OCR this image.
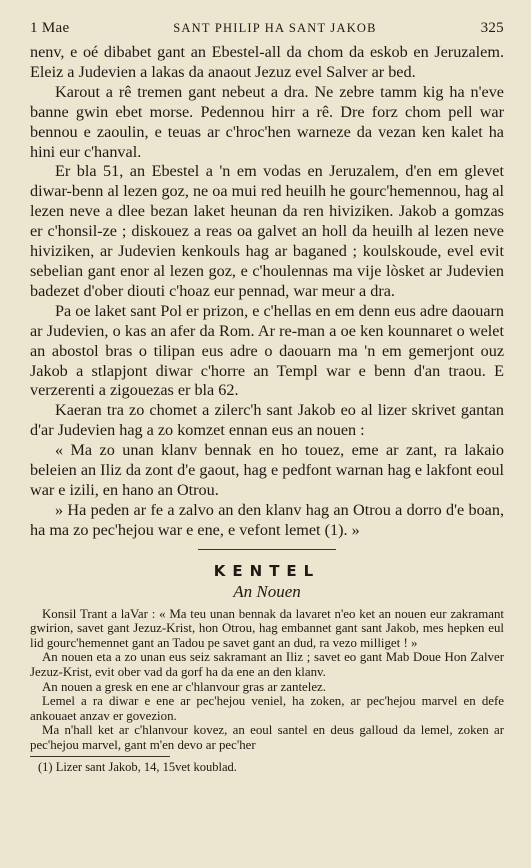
1 Mae	SANT PHILIP HA SANT JAKOB	325

nenv, e oé dibabet gant an Ebestel-all da chom da eskob en Jeruzalem. Eleiz a Judevien a lakas da anaout Jezuz evel Salver ar bed.

Karout a rê tremen gant nebeut a dra. Ne zebre tamm kig ha n'eve banne gwin ebet morse. Pedennou hirr a rê. Dre forz chom pell war bennou e zaoulin, e teuas ar c'hroc'hen warneze da vezan ken kalet ha hini eur c'hanval.

Er bla 51, an Ebestel a 'n em vodas en Jeruzalem, d'en em glevet diwar-benn al lezen goz, ne oa mui red heuilh he gourc'hemennou, hag al lezen neve a dlee bezan laket heunan da ren hiviziken. Jakob a gomzas er c'honsil-ze ; diskouez a reas oa galvet an holl da heuilh al lezen neve hiviziken, ar Judevien kenkouls hag ar baganed ; koulskoude, evel evit sebelian gant enor al lezen goz, e c'houlennas ma vije lòsket ar Judevien badezet d'ober diouti c'hoaz eur pennad, war meur a dra.

Pa oe laket sant Pol er prizon, e c'hellas en em denn eus adre daouarn ar Judevien, o kas an afer da Rom. Ar re-man a oe ken kounnaret o welet an abostol bras o tilipan eus adre o daouarn ma 'n em gemerjont ouz Jakob a stlapjont diwar c'horre an Templ war e benn d'an traou. E verzerenti a zigouezas er bla 62.

Kaeran tra zo chomet a zilerc'h sant Jakob eo al lizer skrivet gantan d'ar Judevien hag a zo komzet ennan eus an nouen :

« Ma zo unan klanv bennak en ho touez, eme ar zant, ra lakaio beleien an Iliz da zont d'e gaout, hag e pedfont warnan hag e lakfont eoul war e izili, en hano an Otrou.

» Ha peden ar fe a zalvo an den klanv hag an Otrou a dorro d'e boan, ha ma zo pec'hejou war e ene, e vefont lemet (1). »

KENTEL
An Nouen

Konsil Trant a laVar : « Ma teu unan bennak da lavaret n'eo ket an nouen eur zakramant gwirion, savet gant Jezuz-Krist, hon Otrou, hag embannet gant sant Jakob, mes hepken eul lid gourc'hemennet gant an Tadou pe savet gant an dud, ra vezo milliget ! »

An nouen eta a zo unan eus seiz sakramant an Iliz ; savet eo gant Mab Doue Hon Zalver Jezuz-Krist, evit ober vad da gorf ha da ene an den klanv.

An nouen a gresk en ene ar c'hlanvour gras ar zantelez.

Lemel a ra diwar e ene ar pec'hejou veniel, ha zoken, ar pec'hejou marvel en defe ankouaet anzav er govezion.

Ma n'hall ket ar c'hlanvour kovez, an eoul santel en deus galloud da lemel, zoken ar pec'hejou marvel, gant m'en devo ar pec'her

(1) Lizer sant Jakob, 14, 15vet koublad.
